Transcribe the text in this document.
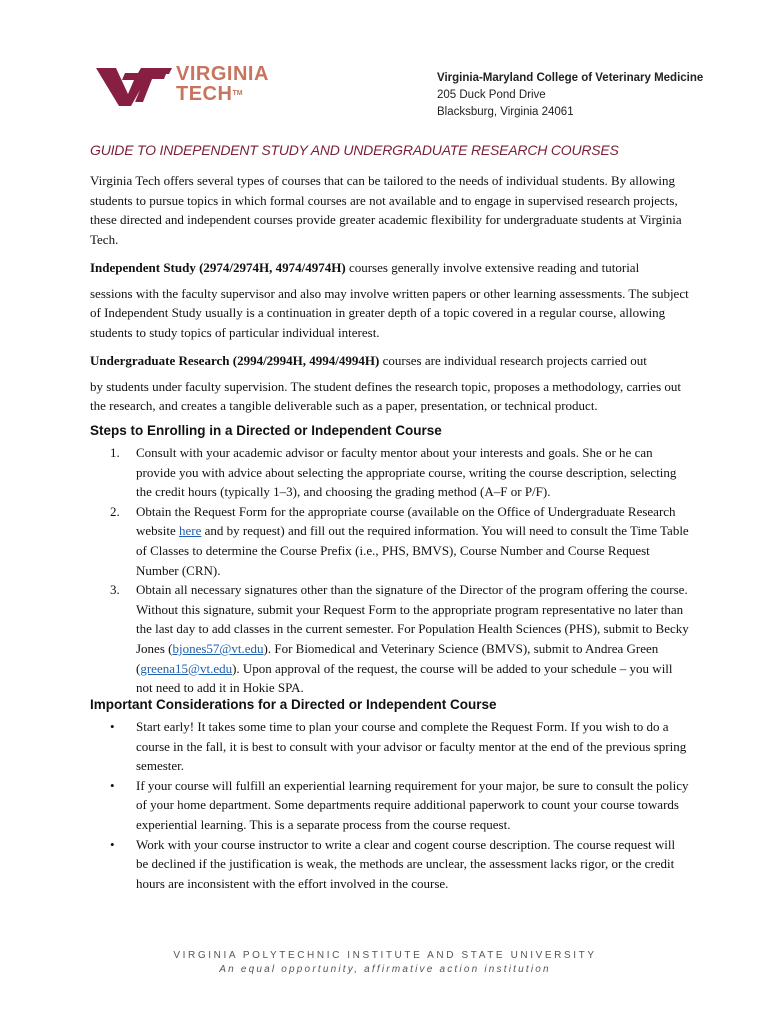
VIRGINIA
TECHTM
Virginia-Maryland College of Veterinary Medicine
205 Duck Pond Drive
Blacksburg, Virginia 24061
GUIDE TO INDEPENDENT STUDY AND UNDERGRADUATE RESEARCH COURSES
Virginia Tech offers several types of courses that can be tailored to the needs of individual students. By allowing students to pursue topics in which formal courses are not available and to engage in supervised research projects, these directed and independent courses provide greater academic flexibility for undergraduate students at Virginia Tech.
Independent Study (2974/2974H, 4974/4974H) courses generally involve extensive reading and tutorial
sessions with the faculty supervisor and also may involve written papers or other learning assessments. The subject of Independent Study usually is a continuation in greater depth of a topic covered in a regular course, allowing students to study topics of particular individual interest.
Undergraduate Research (2994/2994H, 4994/4994H) courses are individual research projects carried out
by students under faculty supervision. The student defines the research topic, proposes a methodology, carries out the research, and creates a tangible deliverable such as a paper, presentation, or technical product.
Steps to Enrolling in a Directed or Independent Course
1. Consult with your academic advisor or faculty mentor about your interests and goals. She or he can provide you with advice about selecting the appropriate course, writing the course description, selecting the credit hours (typically 1–3), and choosing the grading method (A–F or P/F).
2. Obtain the Request Form for the appropriate course (available on the Office of Undergraduate Research website here and by request) and fill out the required information. You will need to consult the Time Table of Classes to determine the Course Prefix (i.e., PHS, BMVS), Course Number and Course Request Number (CRN).
3. Obtain all necessary signatures other than the signature of the Director of the program offering the course. Without this signature, submit your Request Form to the appropriate program representative no later than the last day to add classes in the current semester. For Population Health Sciences (PHS), submit to Becky Jones (bjones57@vt.edu). For Biomedical and Veterinary Science (BMVS), submit to Andrea Green (greena15@vt.edu). Upon approval of the request, the course will be added to your schedule – you will not need to add it in Hokie SPA.
Important Considerations for a Directed or Independent Course
• Start early! It takes some time to plan your course and complete the Request Form. If you wish to do a course in the fall, it is best to consult with your advisor or faculty mentor at the end of the previous spring semester.
• If your course will fulfill an experiential learning requirement for your major, be sure to consult the policy of your home department. Some departments require additional paperwork to count your course towards experiential learning. This is a separate process from the course request.
• Work with your course instructor to write a clear and cogent course description. The course request will be declined if the justification is weak, the methods are unclear, the assessment lacks rigor, or the credit hours are inconsistent with the effort involved in the course.
VIRGINIA POLYTECHNIC INSTITUTE AND STATE UNIVERSITY
An equal opportunity, affirmative action institution
